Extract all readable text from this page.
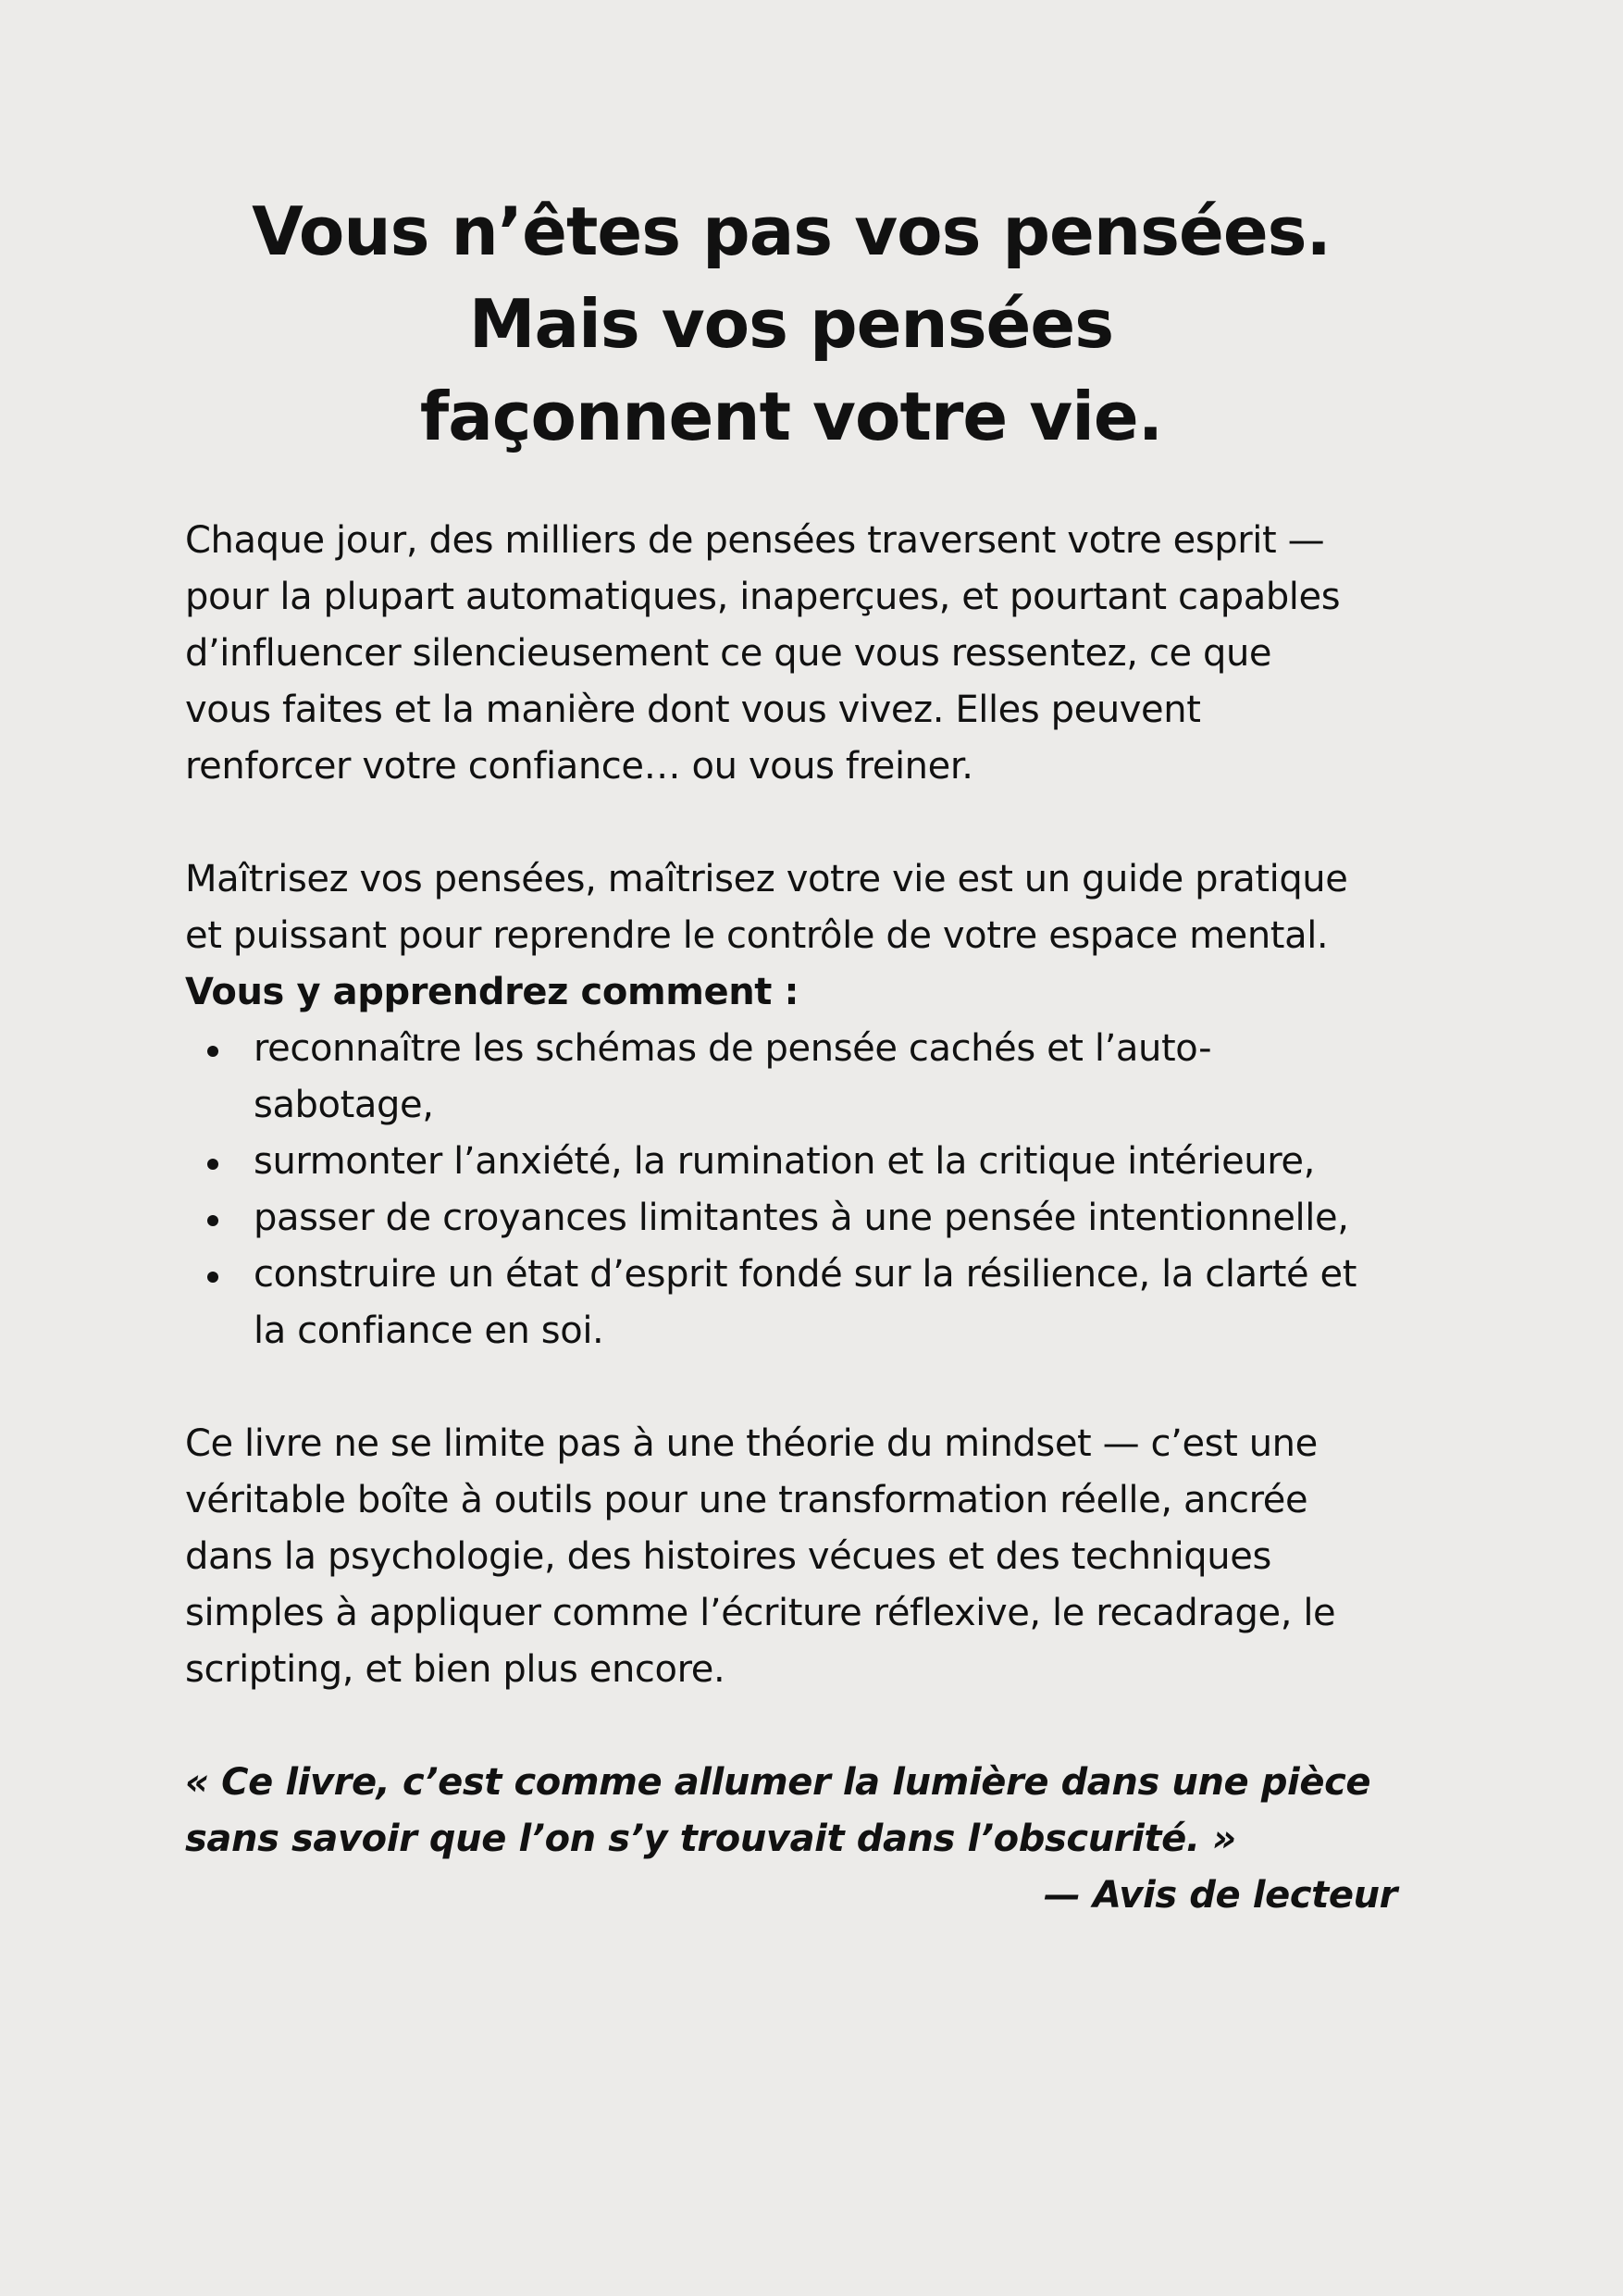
Vous n’êtes pas vos pensées.
Mais vos pensées
façonnent votre vie.

Chaque jour, des milliers de pensées traversent votre esprit —
pour la plupart automatiques, inaperçues, et pourtant capables
d’influencer silencieusement ce que vous ressentez, ce que
vous faites et la manière dont vous vivez. Elles peuvent
renforcer votre confiance… ou vous freiner.

Maîtrisez vos pensées, maîtrisez votre vie est un guide pratique
et puissant pour reprendre le contrôle de votre espace mental.
Vous y apprendrez comment :

reconnaître les schémas de pensée cachés et l’auto-
sabotage,
surmonter l’anxiété, la rumination et la critique intérieure,
passer de croyances limitantes à une pensée intentionnelle,
construire un état d’esprit fondé sur la résilience, la clarté et
la confiance en soi.

Ce livre ne se limite pas à une théorie du mindset — c’est une
véritable boîte à outils pour une transformation réelle, ancrée
dans la psychologie, des histoires vécues et des techniques
simples à appliquer comme l’écriture réflexive, le recadrage, le
scripting, et bien plus encore.

« Ce livre, c’est comme allumer la lumière dans une pièce
sans savoir que l’on s’y trouvait dans l’obscurité. »

— Avis de lecteur
